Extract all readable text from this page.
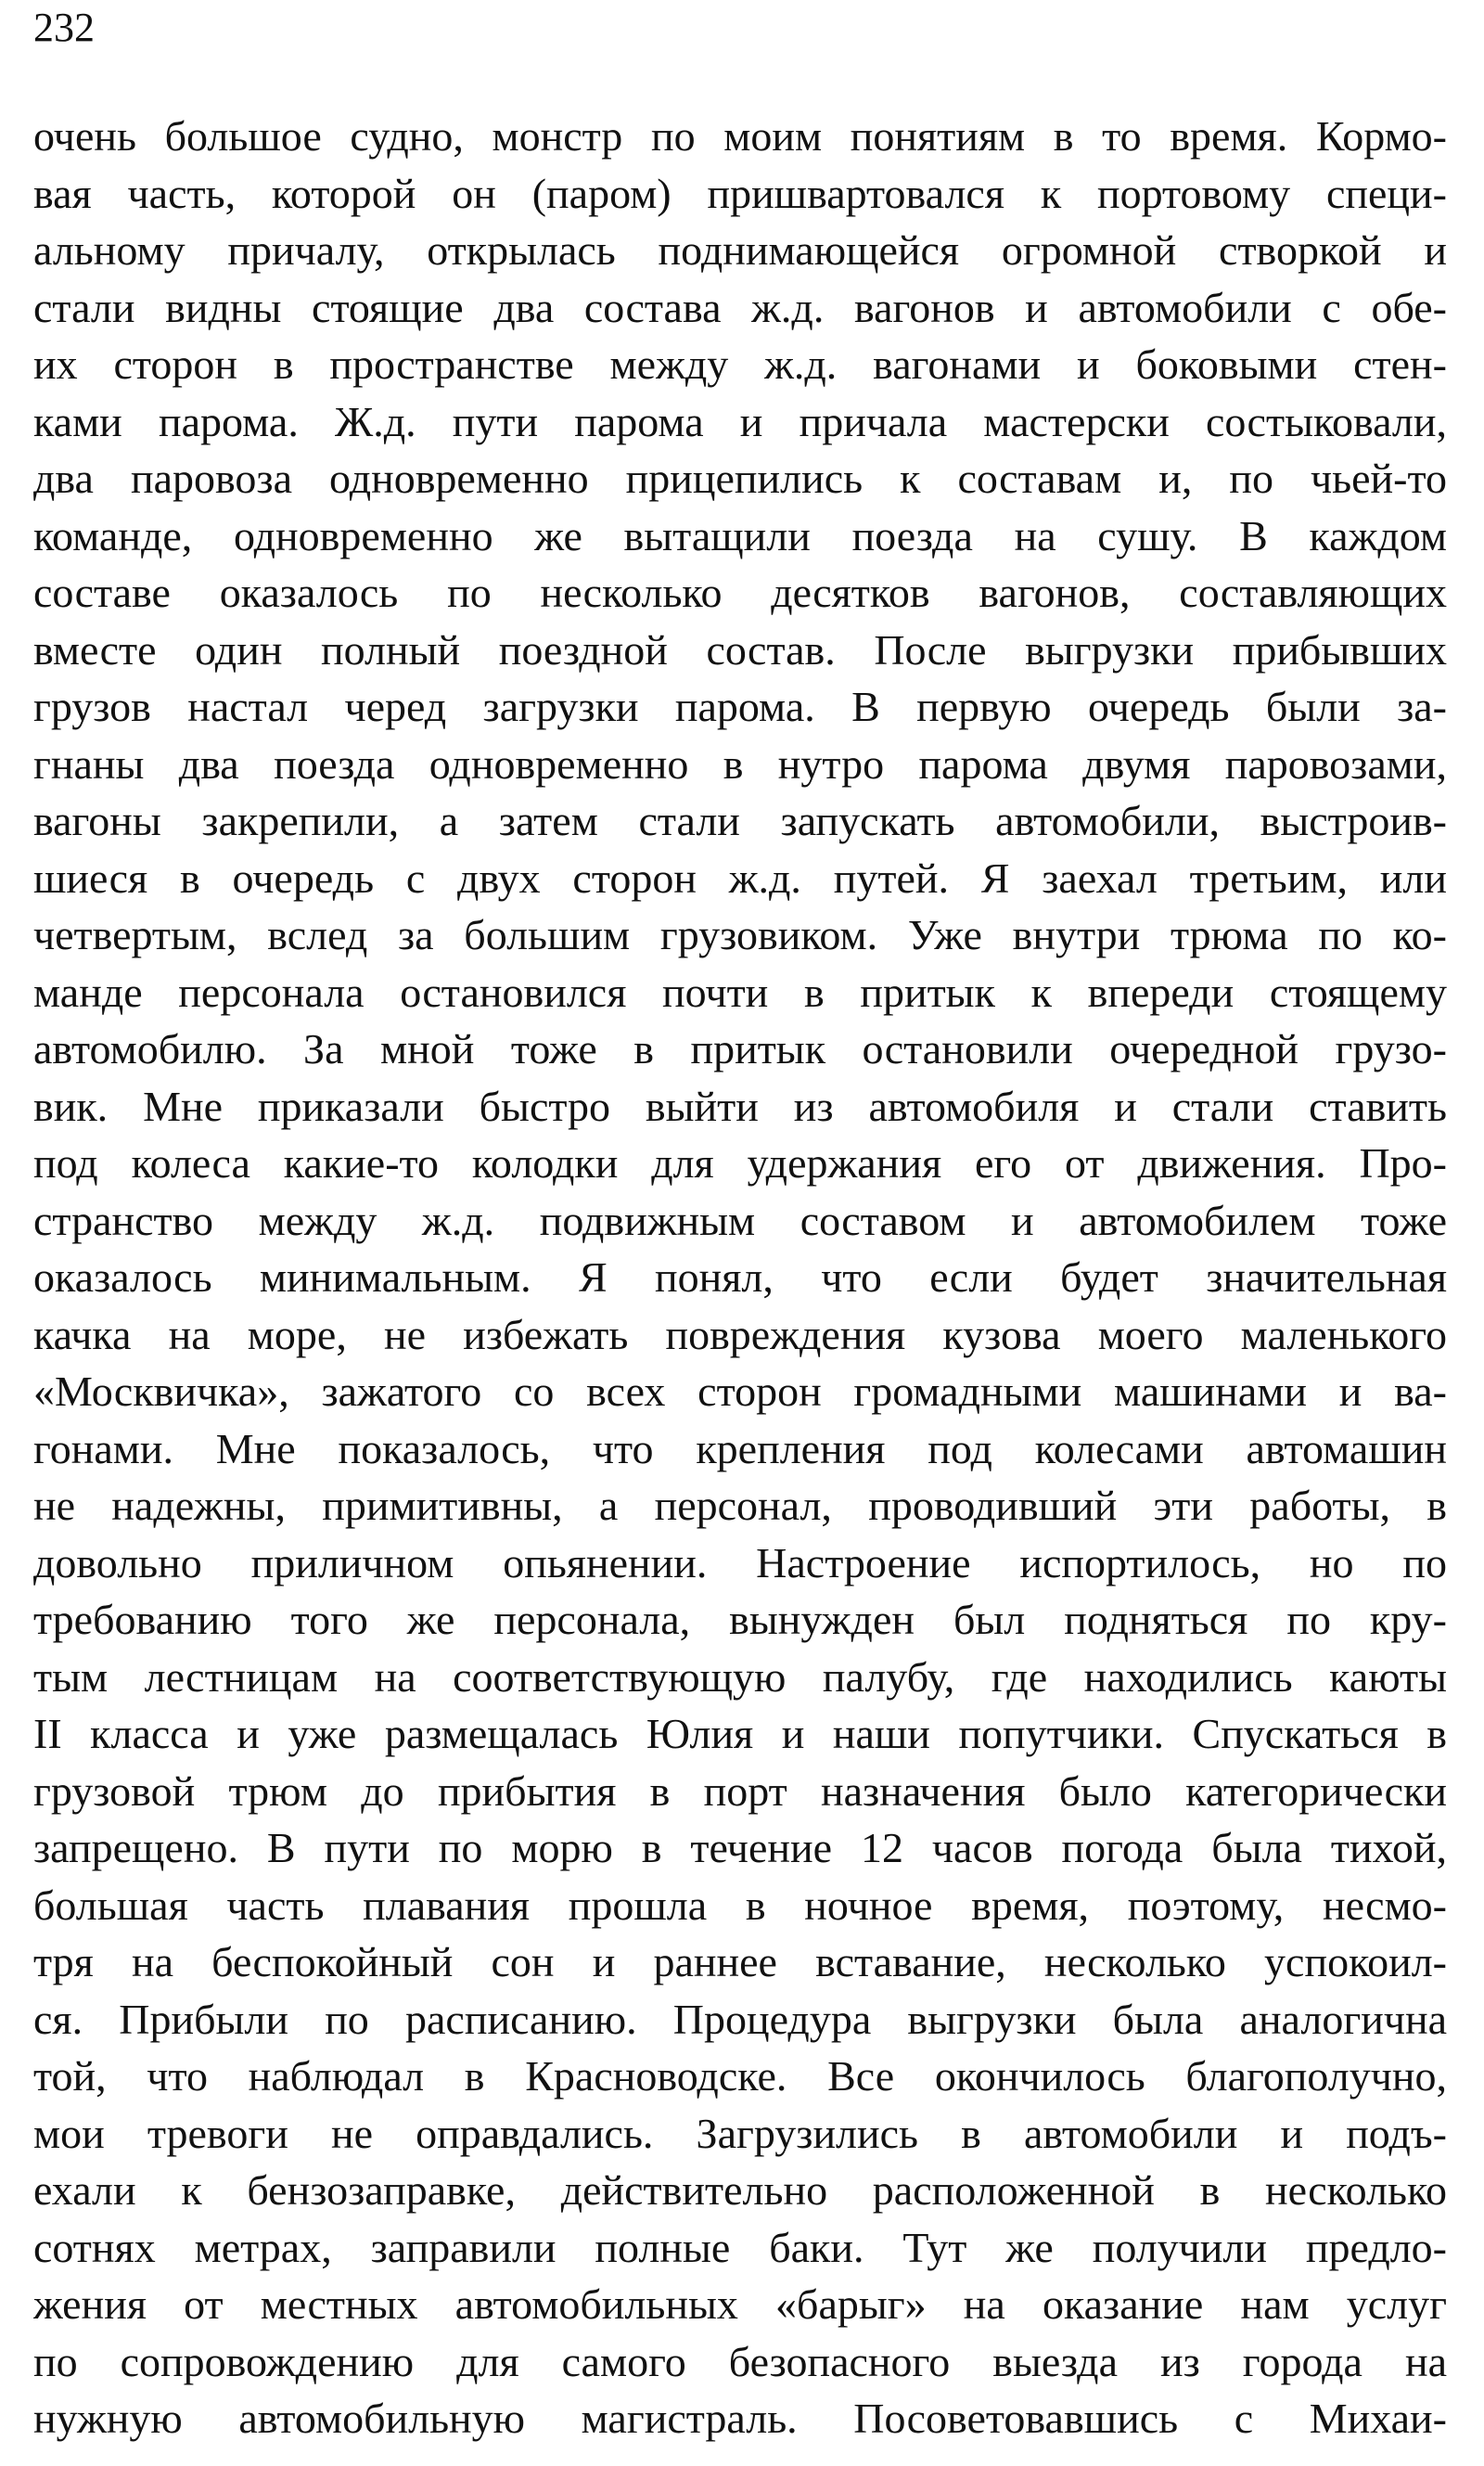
232
очень большое судно, монстр по моим понятиям в то время. Кормо-
вая часть, которой он (паром) пришвартовался к портовому специ-
альному причалу, открылась поднимающейся огромной створкой и
стали видны стоящие два состава ж.д. вагонов и автомобили с обе-
их сторон в пространстве между ж.д. вагонами и боковыми стен-
ками парома. Ж.д. пути парома и причала мастерски состыковали,
два паровоза одновременно прицепились к составам и, по чьей-то
команде, одновременно же вытащили поезда на сушу. В каждом
составе оказалось по несколько десятков вагонов, составляющих
вместе один полный поездной состав. После выгрузки прибывших
грузов настал черед загрузки парома. В первую очередь были за-
гнаны два поезда одновременно в нутро парома двумя паровозами,
вагоны закрепили, а затем стали запускать автомобили, выстроив-
шиеся в очередь с двух сторон ж.д. путей. Я заехал третьим, или
четвертым, вслед за большим грузовиком. Уже внутри трюма по ко-
манде персонала остановился почти в притык к впереди стоящему
автомобилю. За мной тоже в притык остановили очередной грузо-
вик. Мне приказали быстро выйти из автомобиля и стали ставить
под колеса какие-то колодки для удержания его от движения. Про-
странство между ж.д. подвижным составом и автомобилем тоже
оказалось минимальным. Я понял, что если будет значительная
качка на море, не избежать повреждения кузова моего маленького
«Москвичка», зажатого со всех сторон громадными машинами и ва-
гонами. Мне показалось, что крепления под колесами автомашин
не надежны, примитивны, а персонал, проводивший эти работы, в
довольно приличном опьянении. Настроение испортилось, но по
требованию того же персонала, вынужден был подняться по кру-
тым лестницам на соответствующую палубу, где находились каюты
II класса и уже размещалась Юлия и наши попутчики. Спускаться в
грузовой трюм до прибытия в порт назначения было категорически
запрещено. В пути по морю в течение 12 часов погода была тихой,
большая часть плавания прошла в ночное время, поэтому, несмо-
тря на беспокойный сон и раннее вставание, несколько успокоил-
ся. Прибыли по расписанию. Процедура выгрузки была аналогична
той, что наблюдал в Красноводске. Все окончилось благополучно,
мои тревоги не оправдались. Загрузились в автомобили и подъ-
ехали к бензозаправке, действительно расположенной в несколько
сотнях метрах, заправили полные баки. Тут же получили предло-
жения от местных автомобильных «барыг» на оказание нам услуг
по сопровождению для самого безопасного выезда из города на
нужную автомобильную магистраль. Посоветовавшись с Михаи-
